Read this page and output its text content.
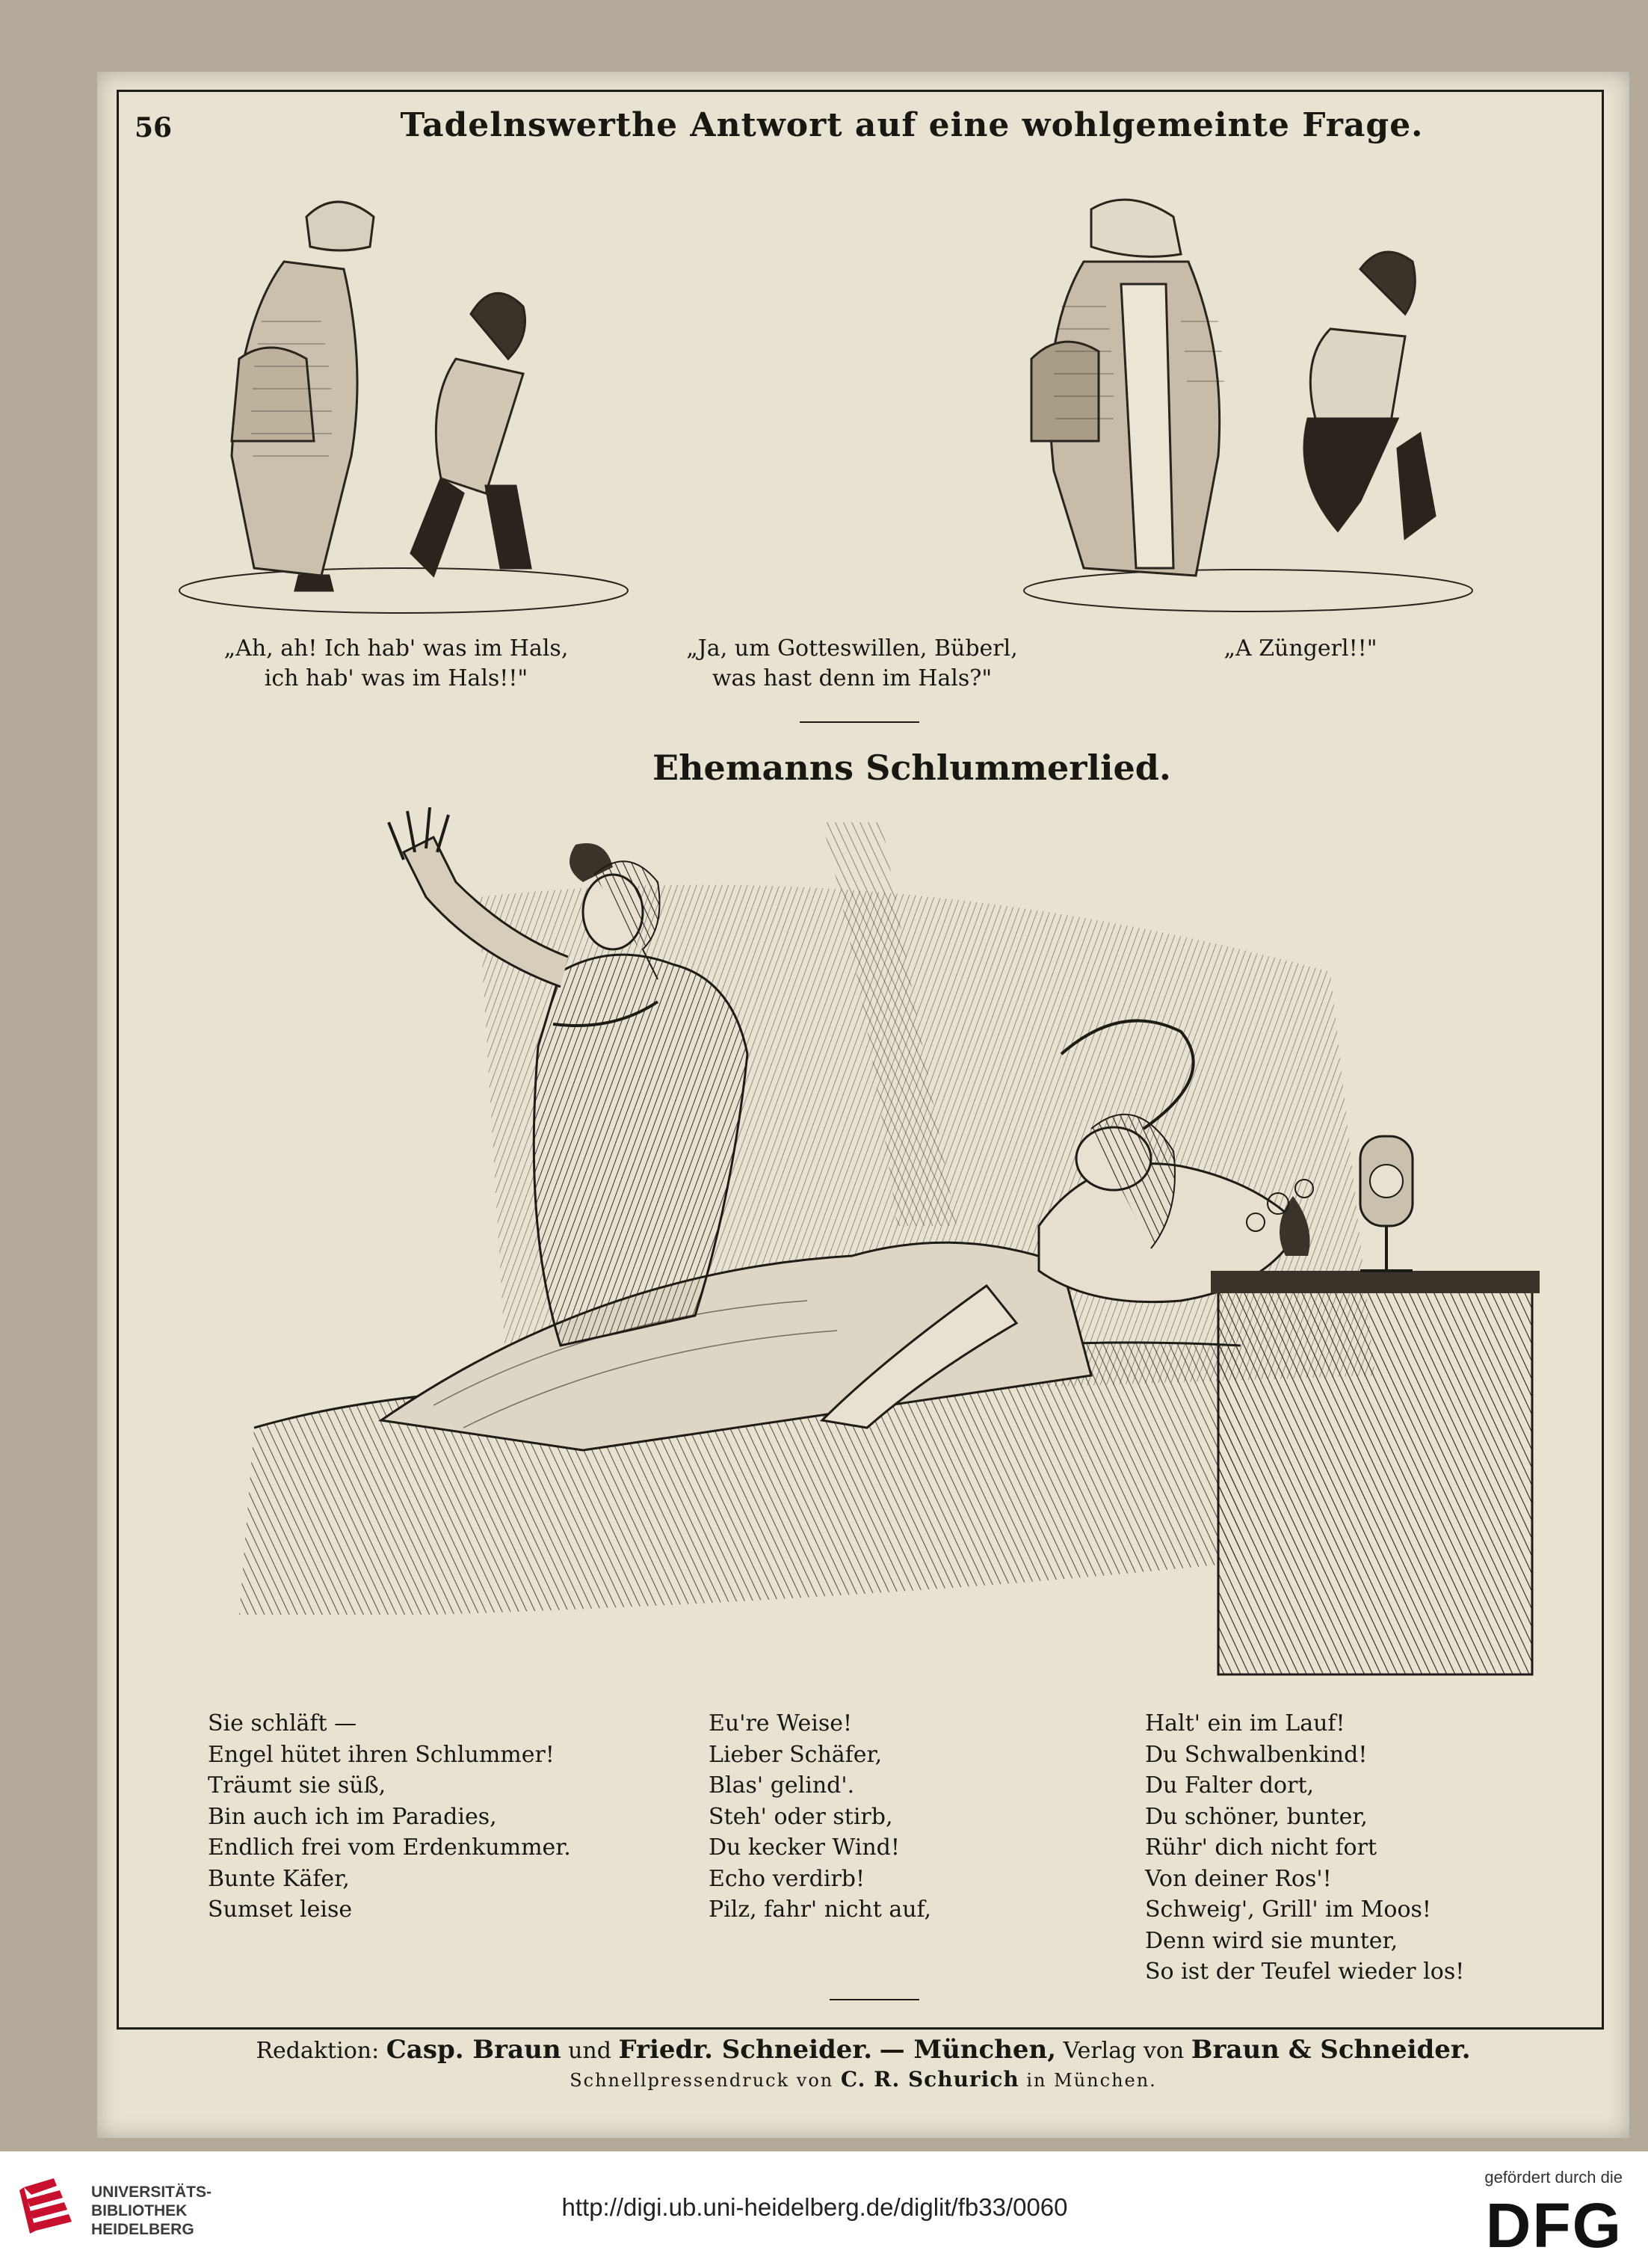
56	Tadelnswerthe Antwort auf eine wohlgemeinte Frage.
„Ah, ah! Ich hab' was im Hals,
ich hab' was im Hals!!"
„Ja, um Gotteswillen, Büberl,
was hast denn im Hals?"
„A Züngerl!!"
Ehemanns Schlummerlied.
Sie schläft —
Engel hütet ihren Schlummer!
Träumt sie süß,
Bin auch ich im Paradies,
Endlich frei vom Erdenkummer.
Bunte Käfer,
Sumset leise
Eu're Weise!
Lieber Schäfer,
Blas' gelind'.
Steh' oder stirb,
Du kecker Wind!
Echo verdirb!
Pilz, fahr' nicht auf,
Halt' ein im Lauf!
Du Schwalbenkind!
Du Falter dort,
Du schöner, bunter,
Rühr' dich nicht fort
Von deiner Ros'!
Schweig', Grill' im Moos!
Denn wird sie munter,
So ist der Teufel wieder los!
Redaktion: Casp. Braun und Friedr. Schneider. — München, Verlag von Braun & Schneider.
Schnellpressendruck von C. R. Schurich in München.
UNIVERSITÄTS-
BIBLIOTHEK
HEIDELBERG
http://digi.ub.uni-heidelberg.de/diglit/fb33/0060
gefördert durch die
DFG
